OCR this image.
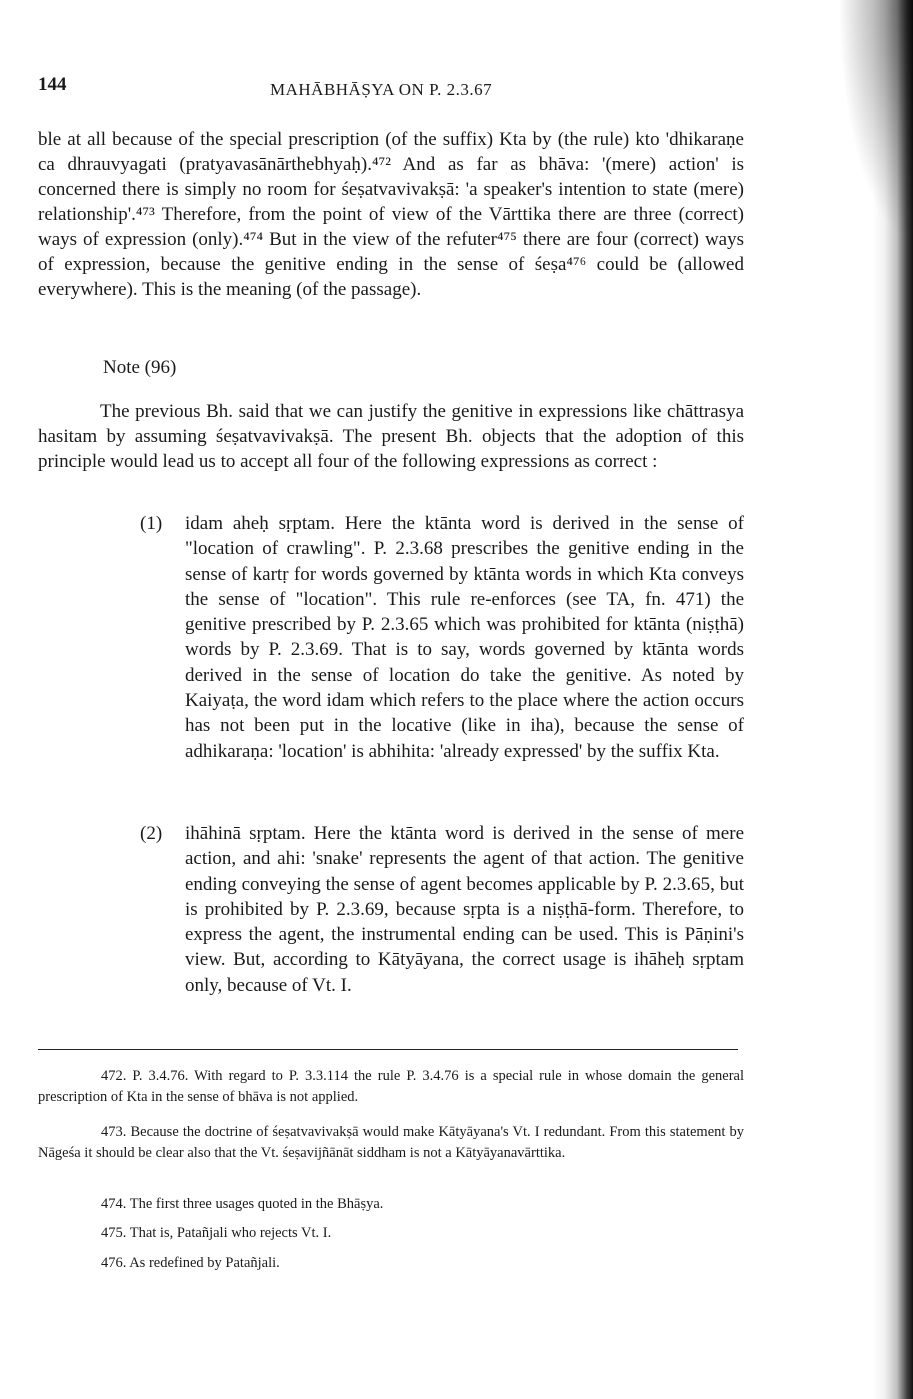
144	MAHĀBHĀṢYA ON P. 2.3.67

ble at all because of the special prescription (of the suffix) Kta by (the rule) kto 'dhikaraṇe ca dhrauvyagati (pratyavasānārthebhyaḥ).⁴⁷² And as far as bhāva: '(mere) action' is concerned there is simply no room for śeṣatvavivakṣā: 'a speaker's intention to state (mere) relationship'.⁴⁷³ Therefore, from the point of view of the Vārttika there are three (correct) ways of expression (only).⁴⁷⁴ But in the view of the refuter⁴⁷⁵ there are four (correct) ways of expression, because the genitive ending in the sense of śeṣa⁴⁷⁶ could be (allowed everywhere). This is the meaning (of the passage).

Note (96)

The previous Bh. said that we can justify the genitive in expressions like chāttrasya hasitam by assuming śeṣatvavivakṣā. The present Bh. objects that the adoption of this principle would lead us to accept all four of the following expressions as correct :

(1) idam aheḥ sṛptam. Here the ktānta word is derived in the sense of "location of crawling". P. 2.3.68 prescribes the genitive ending in the sense of kartṛ for words governed by ktānta words in which Kta conveys the sense of "location". This rule re-enforces (see TA, fn. 471) the genitive prescribed by P. 2.3.65 which was prohibited for ktānta (niṣṭhā) words by P. 2.3.69. That is to say, words governed by ktānta words derived in the sense of location do take the genitive. As noted by Kaiyaṭa, the word idam which refers to the place where the action occurs has not been put in the locative (like in iha), because the sense of adhikaraṇa: 'location' is abhihita: 'already expressed' by the suffix Kta.
(2) ihāhinā sṛptam. Here the ktānta word is derived in the sense of mere action, and ahi: 'snake' represents the agent of that action. The genitive ending conveying the sense of agent becomes applicable by P. 2.3.65, but is prohibited by P. 2.3.69, because sṛpta is a niṣṭhā-form. Therefore, to express the agent, the instrumental ending can be used. This is Pāṇini's view. But, according to Kātyāyana, the correct usage is ihāheḥ sṛptam only, because of Vt. I.

472. P. 3.4.76. With regard to P. 3.3.114 the rule P. 3.4.76 is a special rule in whose domain the general prescription of Kta in the sense of bhāva is not applied.

473. Because the doctrine of śeṣatvavivakṣā would make Kātyāyana's Vt. I redundant. From this statement by Nāgeśa it should be clear also that the Vt. śeṣavijñānāt siddham is not a Kātyāyanavārttika.

474. The first three usages quoted in the Bhāṣya.

475. That is, Patañjali who rejects Vt. I.

476. As redefined by Patañjali.
